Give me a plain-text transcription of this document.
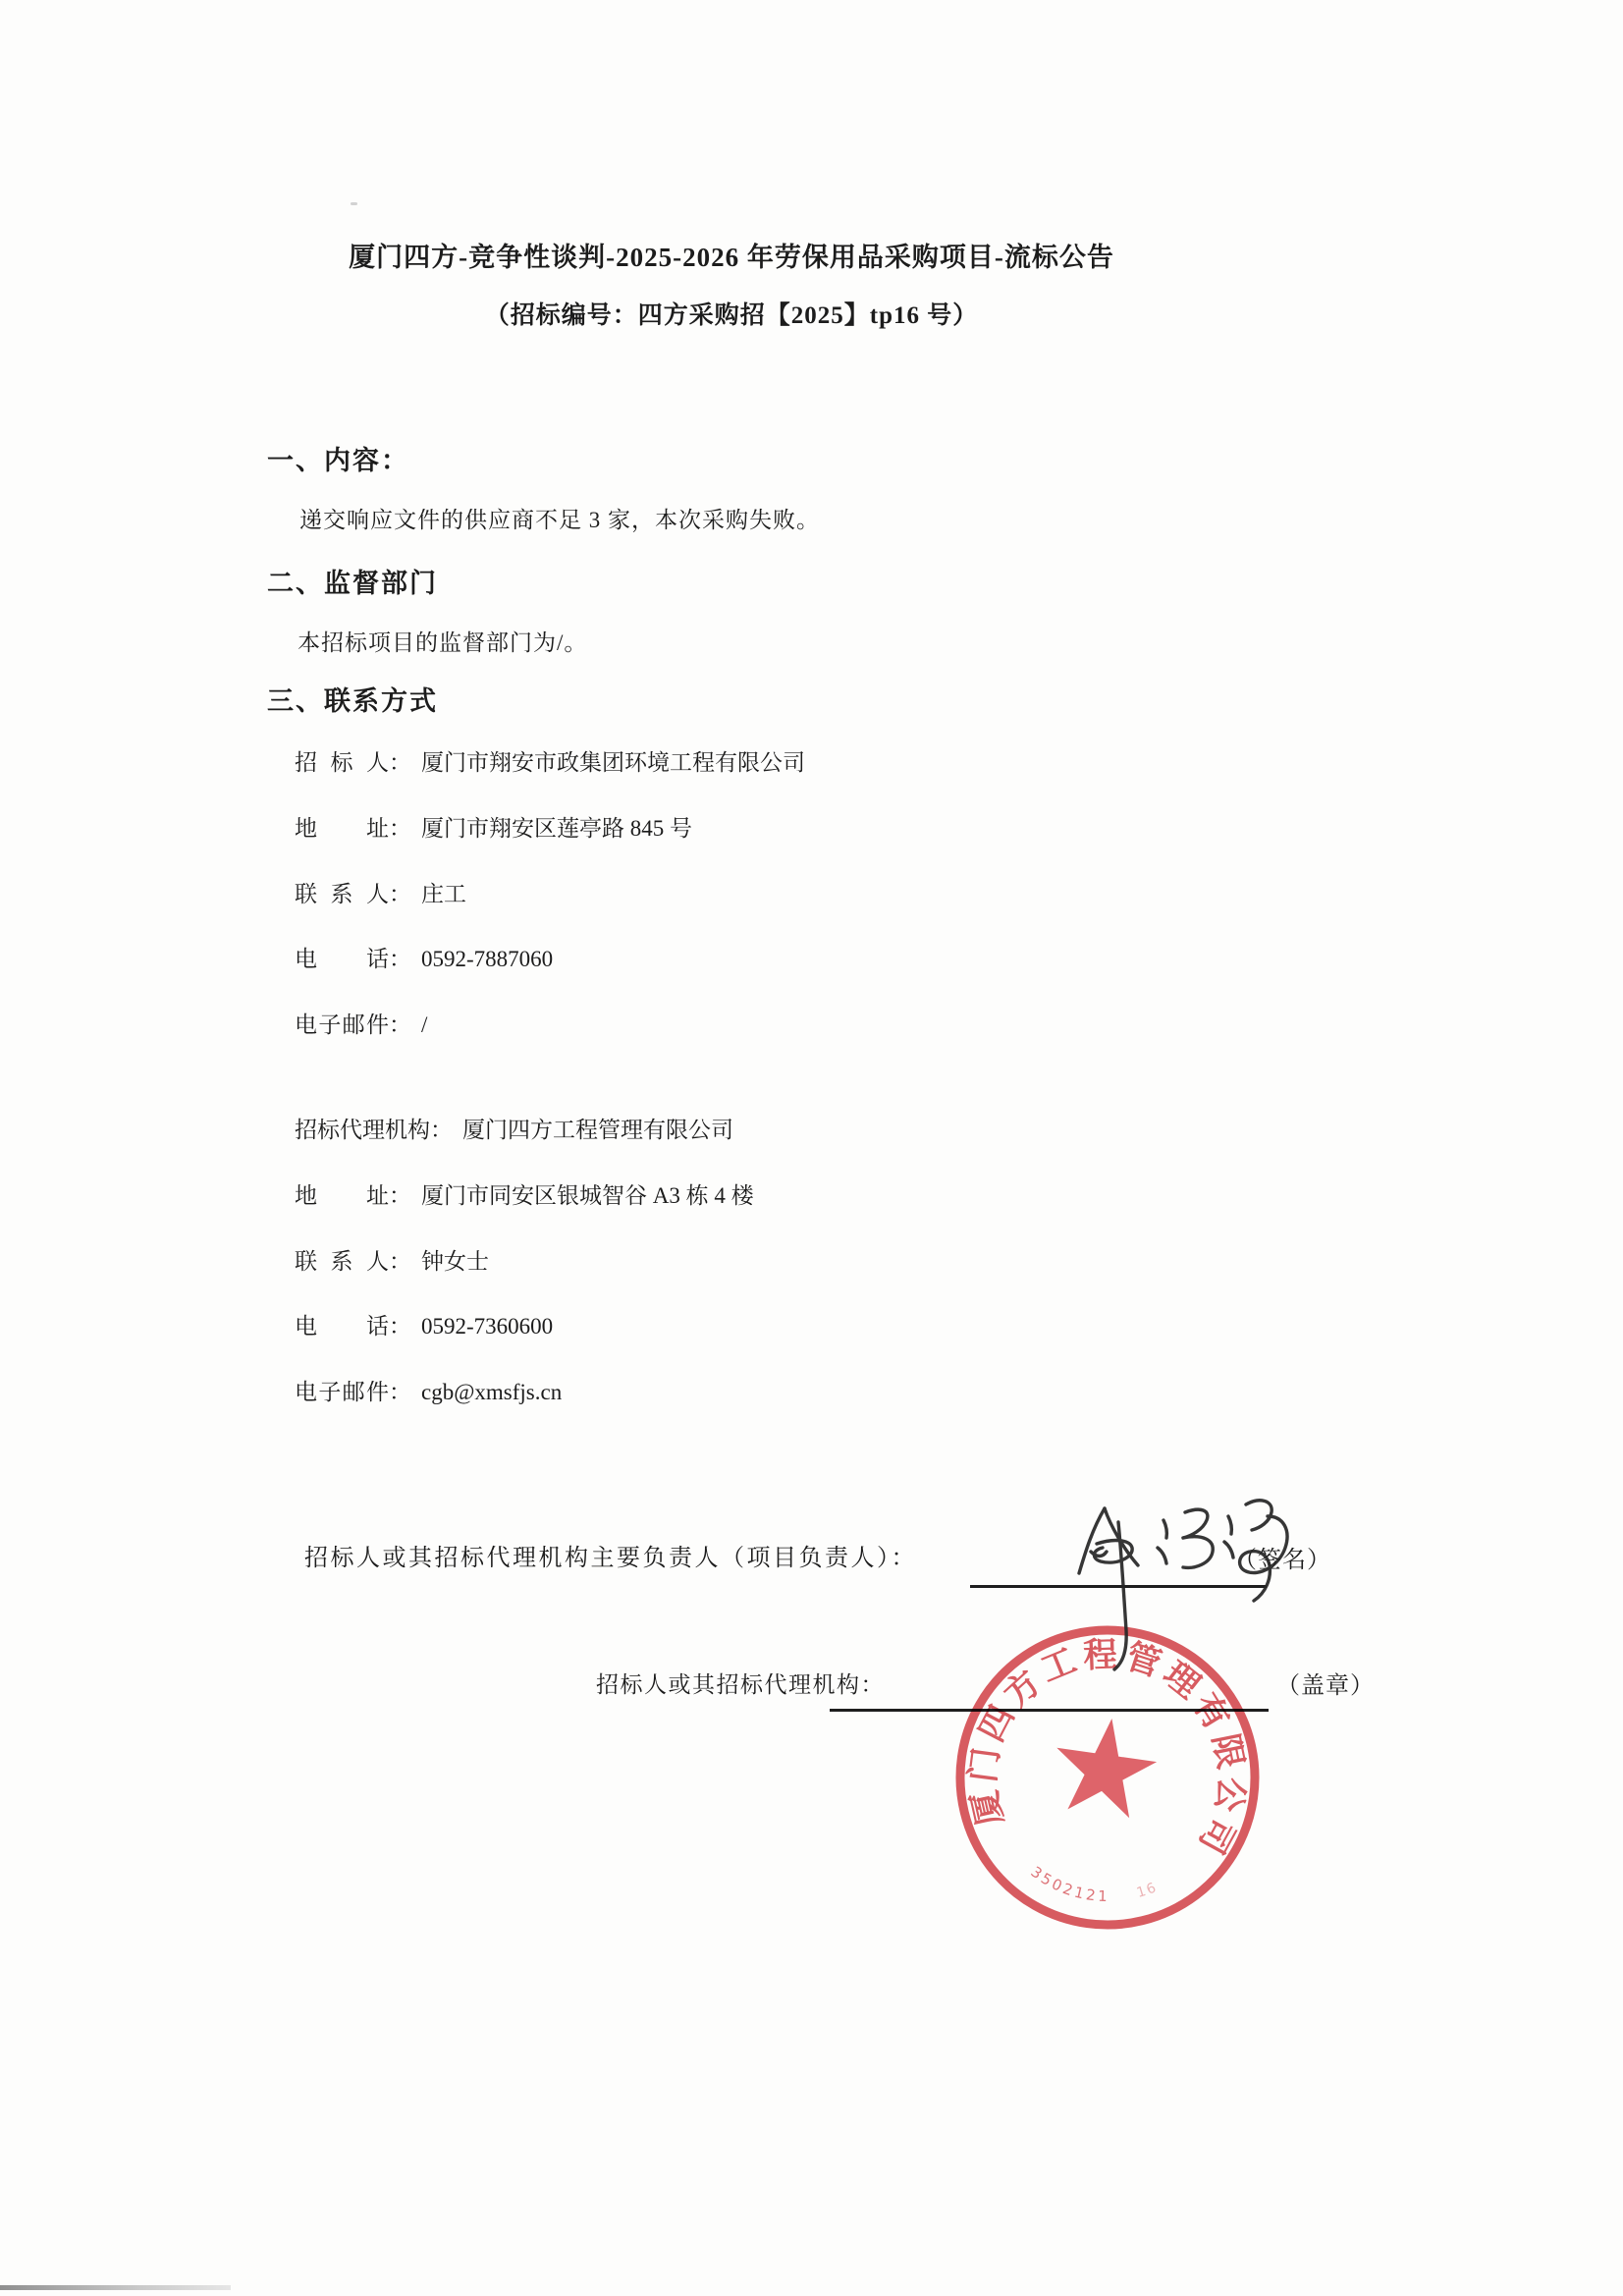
厦门四方-竞争性谈判-2025-2026 年劳保用品采购项目-流标公告
（招标编号：四方采购招【2025】tp16 号）
一、内容：
递交响应文件的供应商不足 3 家，本次采购失败。
二、监督部门
本招标项目的监督部门为/。
三、联系方式
招标人： 厦门市翔安市政集团环境工程有限公司
地址： 厦门市翔安区莲亭路 845 号
联系人： 庄工
电话： 0592-7887060
电子邮件： /
招标代理机构： 厦门四方工程管理有限公司
地址： 厦门市同安区银城智谷 A3 栋 4 楼
联系人： 钟女士
电话： 0592-7360600
电子邮件： cgb@xmsfjs.cn
招标人或其招标代理机构主要负责人（项目负责人）：	（签名）
招标人或其招标代理机构：	（盖章）
厦门四方工程管理有限公司
3502121 16
